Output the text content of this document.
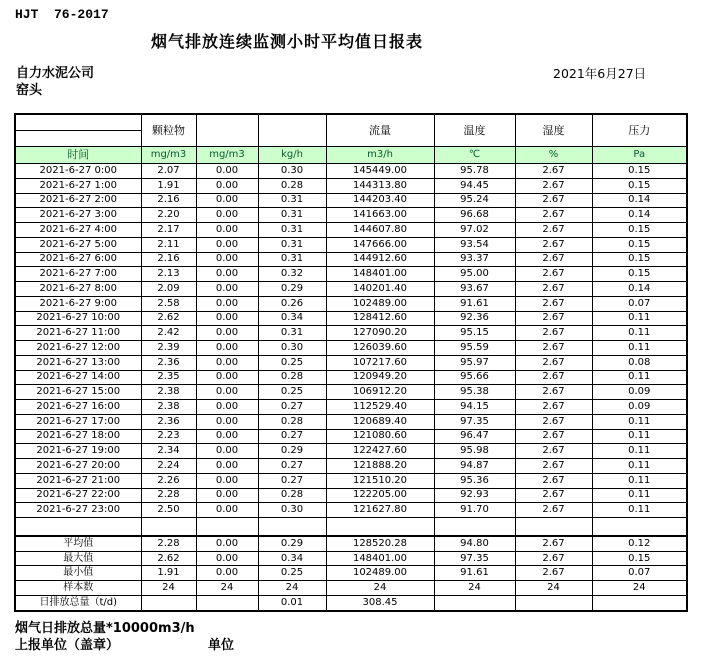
HJT  76-2017
烟气排放连续监测小时平均值日报表
自力水泥公司
窑头
2021年6月27日
	颗粒物			流量	温度	湿度	压力

时间	mg/m3	mg/m3	kg/h	m3/h	℃	%	Pa
2021-6-27 0:00	2.07	0.00	0.30	145449.00	95.78	2.67	0.15
2021-6-27 1:00	1.91	0.00	0.28	144313.80	94.45	2.67	0.15
2021-6-27 2:00	2.16	0.00	0.31	144203.40	95.24	2.67	0.14
2021-6-27 3:00	2.20	0.00	0.31	141663.00	96.68	2.67	0.14
2021-6-27 4:00	2.17	0.00	0.31	144607.80	97.02	2.67	0.15
2021-6-27 5:00	2.11	0.00	0.31	147666.00	93.54	2.67	0.15
2021-6-27 6:00	2.16	0.00	0.31	144912.60	93.37	2.67	0.15
2021-6-27 7:00	2.13	0.00	0.32	148401.00	95.00	2.67	0.15
2021-6-27 8:00	2.09	0.00	0.29	140201.40	93.67	2.67	0.14
2021-6-27 9:00	2.58	0.00	0.26	102489.00	91.61	2.67	0.07
2021-6-27 10:00	2.62	0.00	0.34	128412.60	92.36	2.67	0.11
2021-6-27 11:00	2.42	0.00	0.31	127090.20	95.15	2.67	0.11
2021-6-27 12:00	2.39	0.00	0.30	126039.60	95.59	2.67	0.11
2021-6-27 13:00	2.36	0.00	0.25	107217.60	95.97	2.67	0.08
2021-6-27 14:00	2.35	0.00	0.28	120949.20	95.66	2.67	0.11
2021-6-27 15:00	2.38	0.00	0.25	106912.20	95.38	2.67	0.09
2021-6-27 16:00	2.38	0.00	0.27	112529.40	94.15	2.67	0.09
2021-6-27 17:00	2.36	0.00	0.28	120689.40	97.35	2.67	0.11
2021-6-27 18:00	2.23	0.00	0.27	121080.60	96.47	2.67	0.11
2021-6-27 19:00	2.34	0.00	0.29	122427.60	95.98	2.67	0.11
2021-6-27 20:00	2.24	0.00	0.27	121888.20	94.87	2.67	0.11
2021-6-27 21:00	2.26	0.00	0.27	121510.20	95.36	2.67	0.11
2021-6-27 22:00	2.28	0.00	0.28	122205.00	92.93	2.67	0.11
2021-6-27 23:00	2.50	0.00	0.30	121627.80	91.70	2.67	0.11

平均值	2.28	0.00	0.29	128520.28	94.80	2.67	0.12
最大值	2.62	0.00	0.34	148401.00	97.35	2.67	0.15
最小值	1.91	0.00	0.25	102489.00	91.61	2.67	0.07
样本数	24	24	24	24	24	24	24
日排放总量（t/d)			0.01	308.45			
烟气日排放总量*10000m3/h
上报单位（盖章）	单位
